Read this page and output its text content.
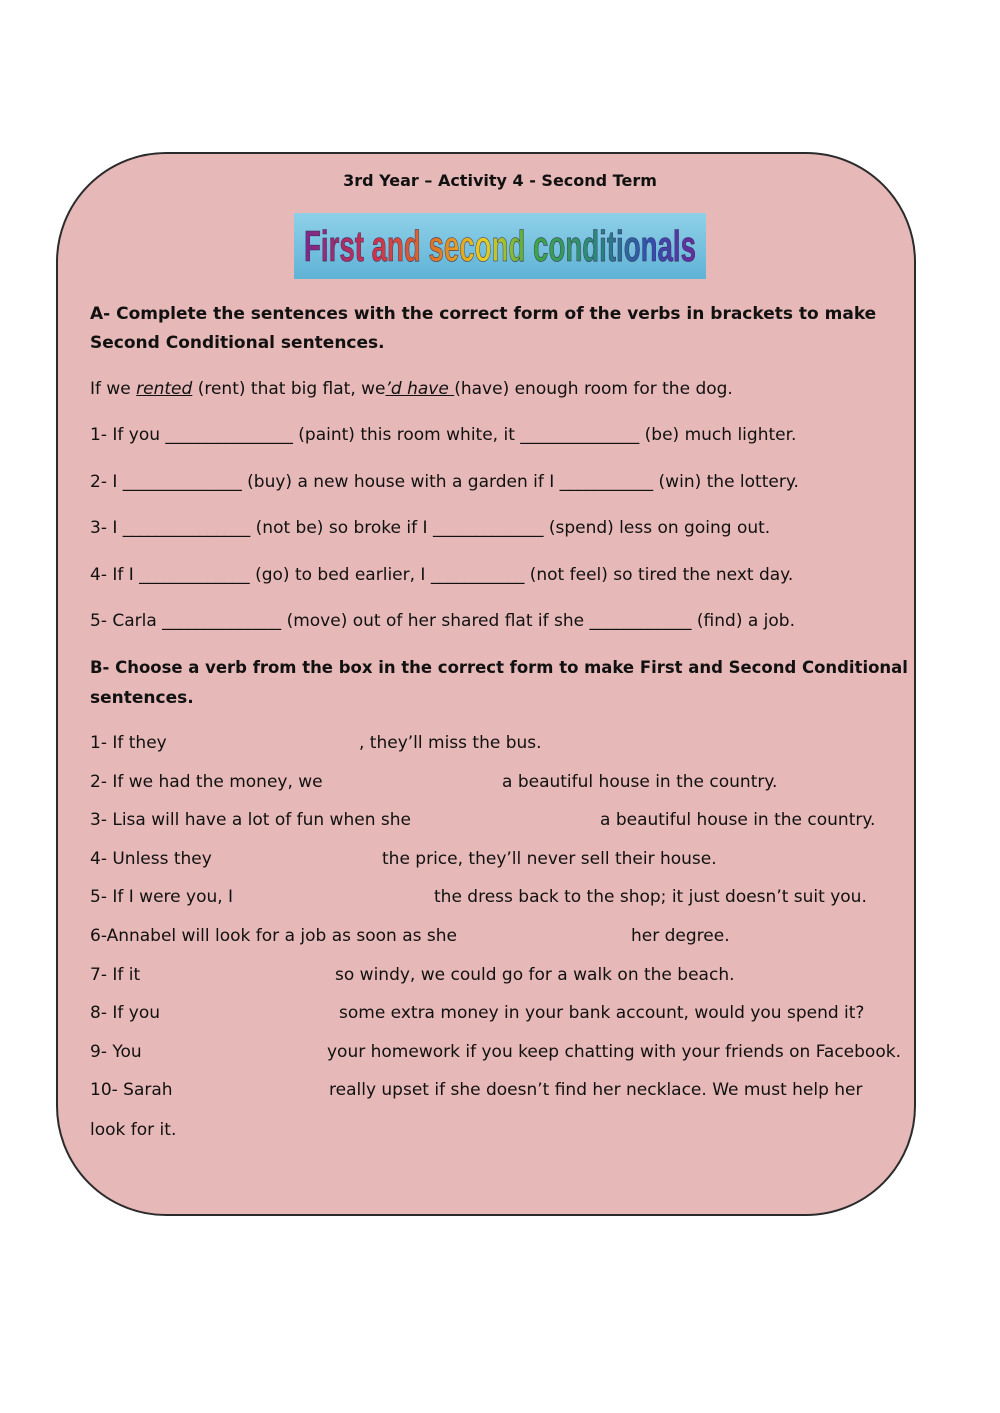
3rd Year – Activity 4 - Second Term
First and second conditionals
A- Complete the sentences with the correct form of the verbs in brackets to make
Second Conditional sentences.
If we rented (rent) that big flat, we’d have (have) enough room for the dog.
1- If you _______________ (paint) this room white, it ______________ (be) much lighter.
2- I ______________ (buy) a new house with a garden if I ___________ (win) the lottery.
3- I _______________ (not be) so broke if I _____________ (spend) less on going out.
4- If I _____________ (go) to bed earlier, I ___________ (not feel) so tired the next day.
5- Carla ______________ (move) out of her shared flat if she ____________ (find) a job.
B- Choose a verb from the box in the correct form to make First and Second Conditional
sentences.
1- If they	, they’ll miss the bus.
2- If we had the money, we	a beautiful house in the country.
3- Lisa will have a lot of fun when she	a beautiful house in the country.
4- Unless they	the price, they’ll never sell their house.
5- If I were you, I	the dress back to the shop; it just doesn’t suit you.
6-Annabel will look for a job as soon as she	her degree.
7- If it	so windy, we could go for a walk on the beach.
8- If you	some extra money in your bank account, would you spend it?
9- You	your homework if you keep chatting with your friends on Facebook.
10- Sarah	really upset if she doesn’t find her necklace. We must help her
look for it.
